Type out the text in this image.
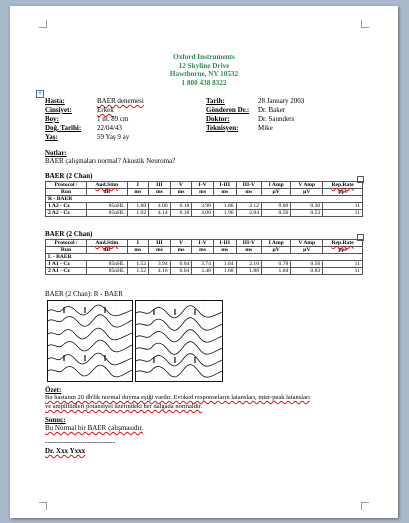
Oxford Instruments
12 Skyline Drive
Hawthorne, NY 10532
1 800 438 8322
+
Hasta:	BAER denemesi
Cinsiyet:	Erkek
Boy:	1 m. 89 cm
Doğ. Tarihi: 22/04/43
Yaş:	59 Yaş 9 ay
Tarih:	28 January 2003
Gönderen Dr.: Dr. Baker
Doktor:	Dr. Saunders
Teknisyen:	Mike
Notlar:
BAER çalışmaları normal? Akustik Neuroma?
BAER (2 Chan)
Protocol /	Aud.Stim	I	III	V	I-V	I-III	III-V	I Amp	V Amp	Rep.Rate
Run	dB	ms	ms	ms	ms	ms	ms	µV	µV	pps
R - BAER										
1 A2 - Cz	85nHL	1.60	4.06	6.18	3.98	1.86	2.12	0.60	0.30	11
2 A2 - Cz	85nHL	1.62	4.14	6.18	4.00	1.96	2.04	0.56	0.53	11
BAER (2 Chan)
Protocol /	Aud.Stim	I	III	V	I-V	I-III	III-V	I Amp	V Amp	Rep.Rate
Run	dB	ms	ms	ms	ms	ms	ms	µV	µV	pps
L - BAER										
1 A1 - Cz	85nHL	1.52	3.94	6.04	3.74	1.64	2.10	0.78	0.56	11
2 A1 - Cz	85nHL	1.52	4.16	6.04	3.48	1.60	1.88	1.04	0.83	11
BAER (2 Chan): R - BAER
Özet:
Bu hastanın 20 db'lik normal duyma eşiği vardır. Evoked responseların latansları, inter-peak latansları
ve amplitüdleri potansiyel üzerindeki her dalgada normaldir.
Sonuç:
Bu Normal bir BAER çalışmasıdır.
------------------------------
Dr. Xxx Yxxx
